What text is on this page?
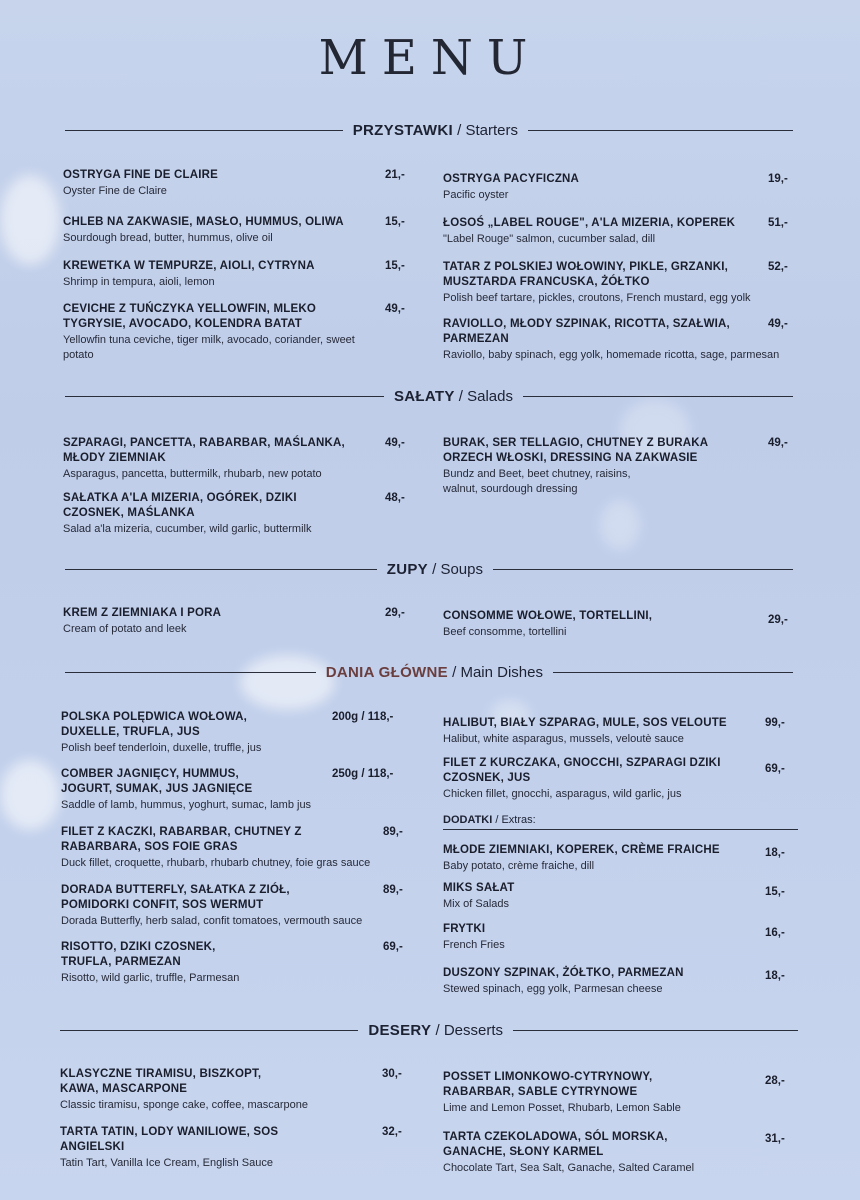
MENU
PRZYSTAWKI / Starters
OSTRYGA FINE DE CLAIRE
Oyster Fine de Claire
21,-
CHLEB NA ZAKWASIE, MASŁO, HUMMUS, OLIWA
Sourdough bread, butter, hummus, olive oil
15,-
KREWETKA W TEMPURZE, AIOLI, CYTRYNA
Shrimp in tempura, aioli, lemon
15,-
CEVICHE Z TUŃCZYKA YELLOWFIN, MLEKO TYGRYSIE, AVOCADO, KOLENDRA BATAT
Yellowfin tuna ceviche, tiger milk, avocado, coriander, sweet potato
49,-
OSTRYGA PACYFICZNA
Pacific oyster
19,-
ŁOSOŚ „LABEL ROUGE", A'LA MIZERIA, KOPEREK
"Label Rouge" salmon, cucumber salad, dill
51,-
TATAR Z POLSKIEJ WOŁOWINY, PIKLE, GRZANKI, MUSZTARDA FRANCUSKA, ŻÓŁTKO
Polish beef tartare, pickles, croutons, French mustard, egg yolk
52,-
RAVIOLLO, MŁODY SZPINAK, RICOTTA, SZAŁWIA, PARMEZAN
Raviollo, baby spinach, egg yolk, homemade ricotta, sage, parmesan
49,-
SAŁATY / Salads
SZPARAGI, PANCETTA, RABARBAR, MAŚLANKA, MŁODY ZIEMNIAK
Asparagus, pancetta, buttermilk, rhubarb, new potato
49,-
SAŁATKA A'LA MIZERIA, OGÓREK, DZIKI CZOSNEK, MAŚLANKA
Salad a'la mizeria, cucumber, wild garlic, buttermilk
48,-
BURAK, SER TELLAGIO, CHUTNEY Z BURAKA ORZECH WŁOSKI, DRESSING NA ZAKWASIE
Bundz and Beet, beet chutney, raisins, walnut, sourdough dressing
49,-
ZUPY / Soups
KREM Z ZIEMNIAKA I PORA
Cream of potato and leek
29,-	CONSOMME WOŁOWE, TORTELLINI,
Beef consomme, tortellini
29,-
DANIA GŁÓWNE / Main Dishes
POLSKA POLĘDWICA WOŁOWA, DUXELLE, TRUFLA, JUS
Polish beef tenderloin, duxelle, truffle, jus
200g / 118,-
COMBER JAGNIĘCY, HUMMUS, JOGURT, SUMAK, JUS JAGNIĘCE
Saddle of lamb, hummus, yoghurt, sumac, lamb jus
250g / 118,-
FILET Z KACZKI, RABARBAR, CHUTNEY Z RABARBARA, SOS FOIE GRAS
Duck fillet, croquette, rhubarb, rhubarb chutney, foie gras sauce
89,-
DORADA BUTTERFLY, SAŁATKA Z ZIÓŁ, POMIDORKI CONFIT, SOS WERMUT
Dorada Butterfly, herb salad, confit tomatoes, vermouth sauce
89,-
RISOTTO, DZIKI CZOSNEK, TRUFLA, PARMEZAN
Risotto, wild garlic, truffle, Parmesan
69,-
HALIBUT, BIAŁY SZPARAG, MULE, SOS VELOUTE
Halibut, white asparagus, mussels, veloutè sauce
99,-
FILET Z KURCZAKA, GNOCCHI, SZPARAGI DZIKI CZOSNEK, JUS
Chicken fillet, gnocchi, asparagus, wild garlic, jus
69,-
DODATKI / Extras:
MŁODE ZIEMNIAKI, KOPEREK, CRÈME FRAICHE
Baby potato, crème fraiche, dill
18,-
MIKS SAŁAT
Mix of Salads
15,-
FRYTKI
French Fries
16,-
DUSZONY SZPINAK, ŻÓŁTKO, PARMEZAN
Stewed spinach, egg yolk, Parmesan cheese
18,-
DESERY / Desserts
KLASYCZNE TIRAMISU, BISZKOPT, KAWA, MASCARPONE
Classic tiramisu, sponge cake, coffee, mascarpone
30,-
TARTA TATIN, LODY WANILIOWE, SOS ANGIELSKI
Tatin Tart, Vanilla Ice Cream, English Sauce
32,-
POSSET LIMONKOWO-CYTRYNOWY, RABARBAR, SABLE CYTRYNOWE
Lime and Lemon Posset, Rhubarb, Lemon Sable
28,-
TARTA CZEKOLADOWA, SÓL MORSKA, GANACHE, SŁONY KARMEL
Chocolate Tart, Sea Salt, Ganache, Salted Caramel
31,-
